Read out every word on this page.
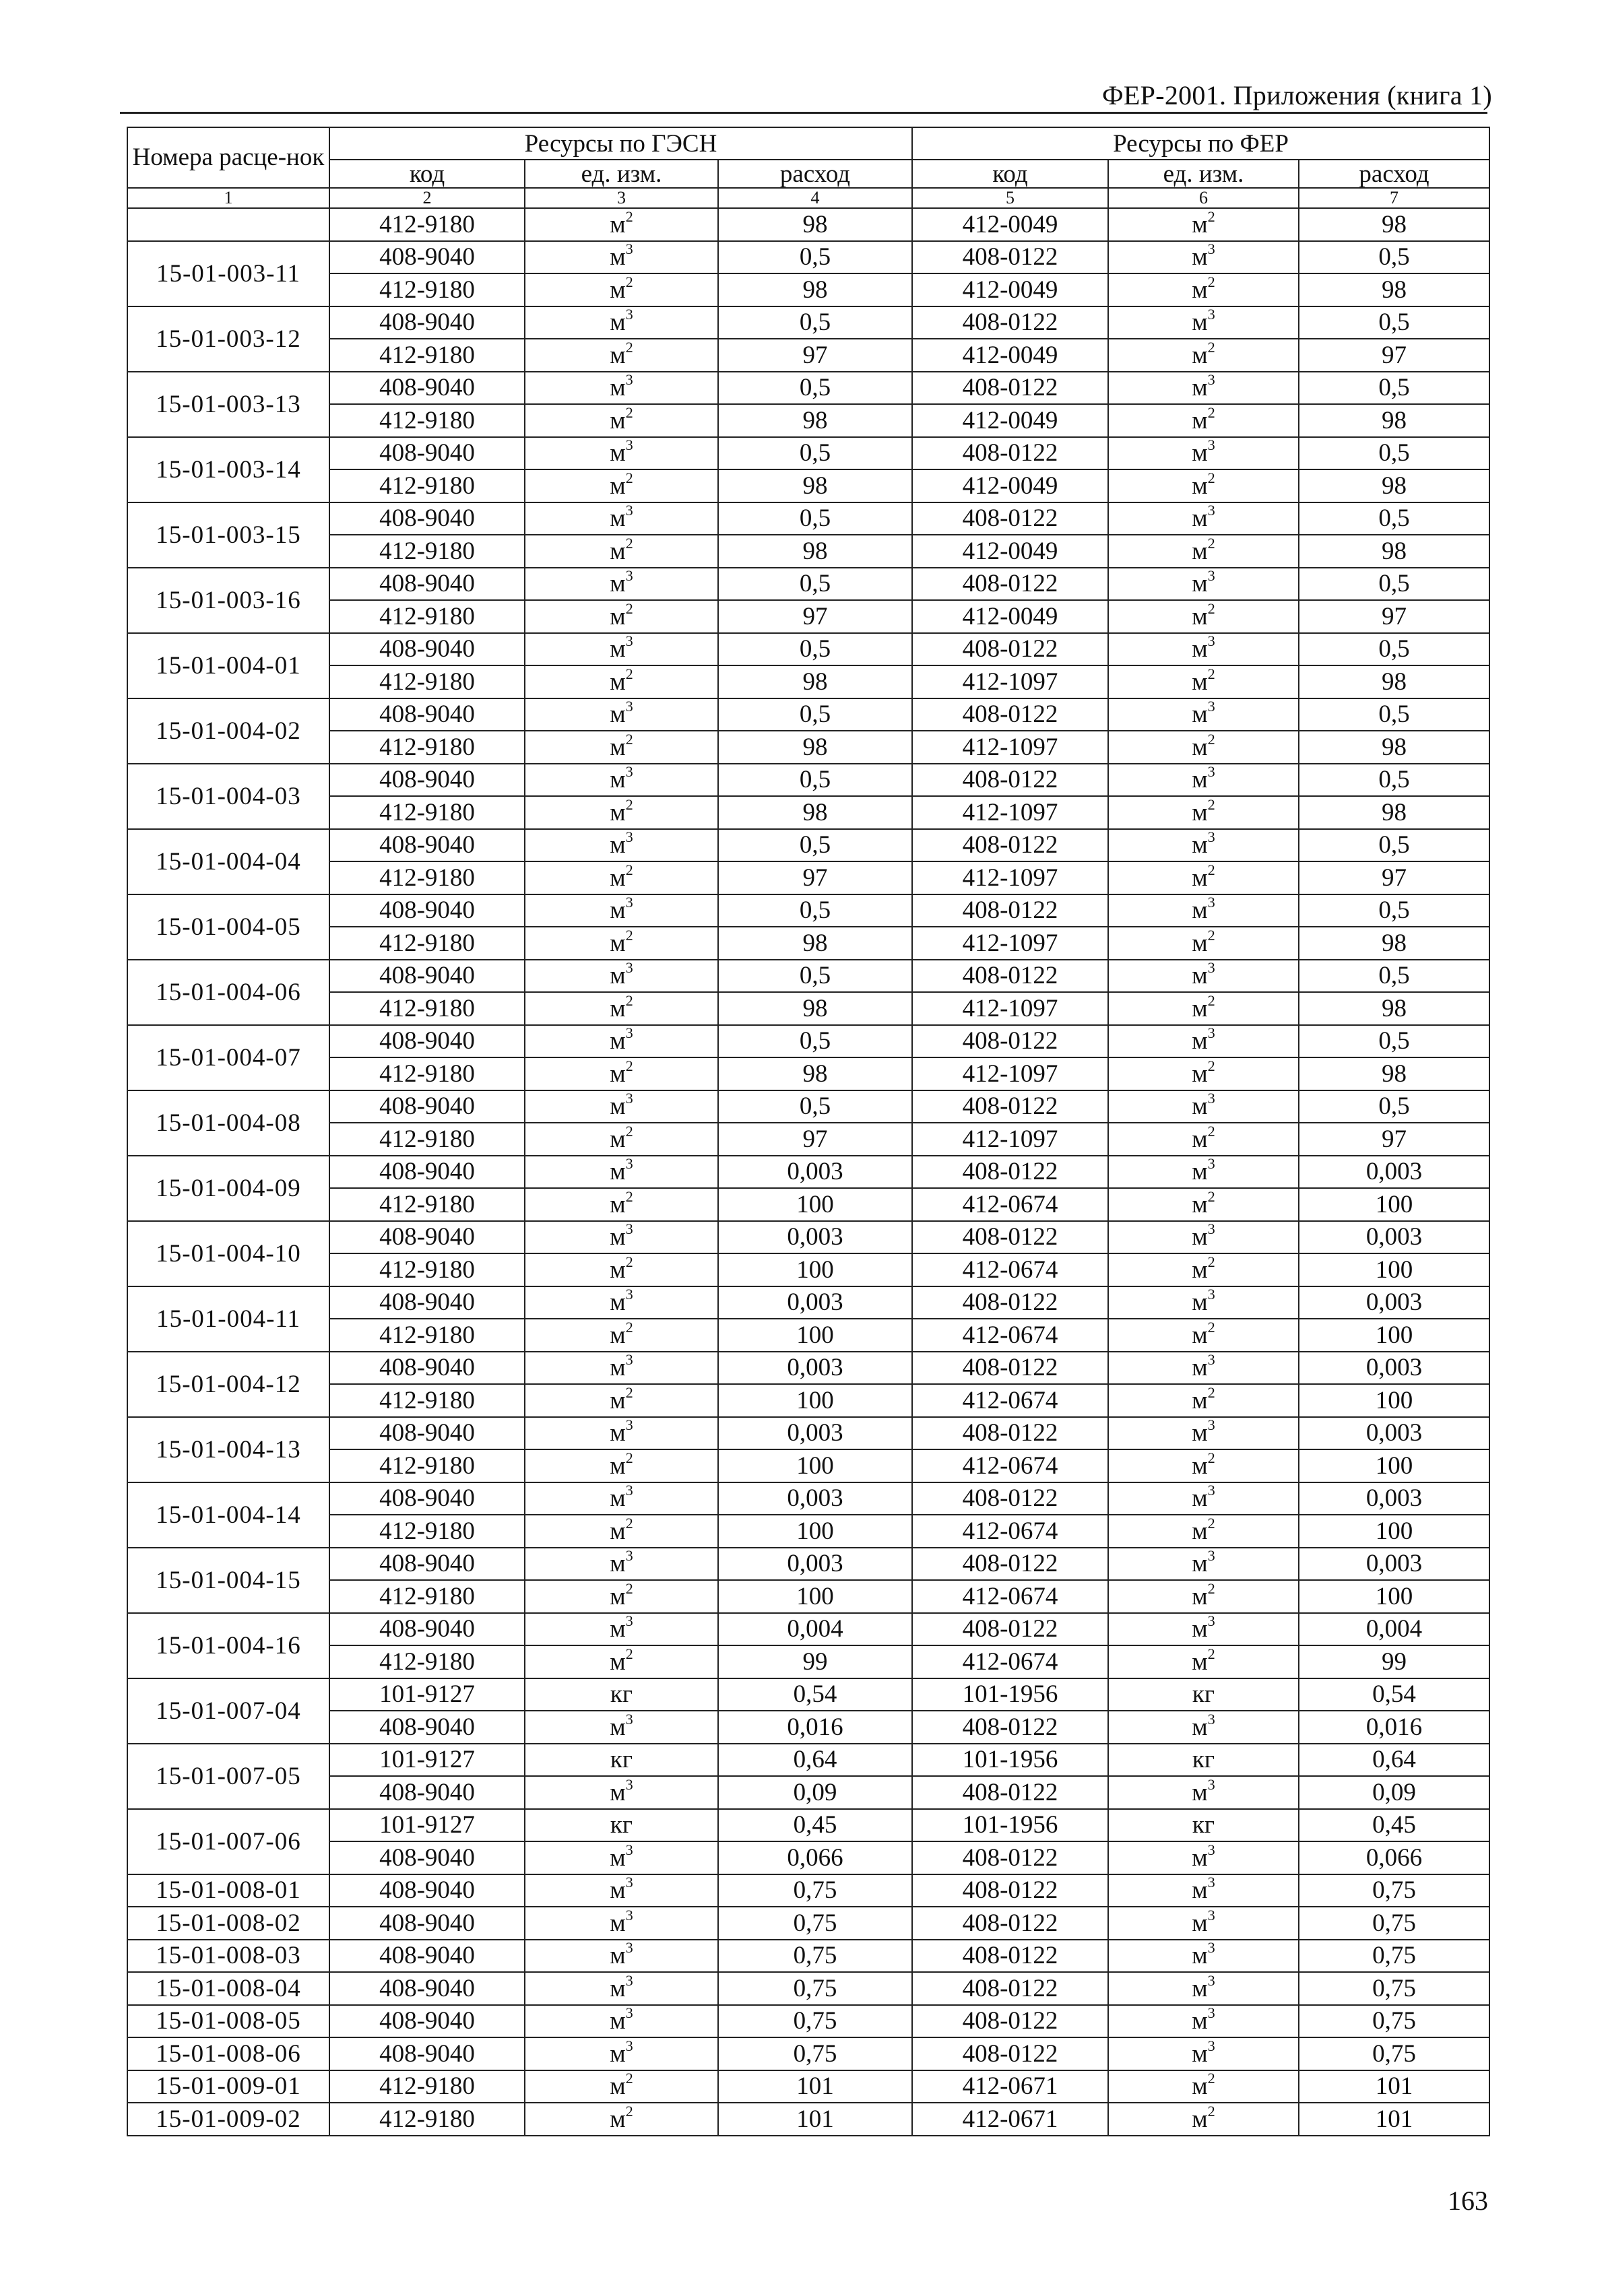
ФЕР-2001. Приложения (книга 1)
Номера расце-нок	Ресурсы по ГЭСН			Ресурсы по ФЕР		
	код	ед. изм.	расход	код	ед. изм.	расход
1	2	3	4	5	6	7
	412-9180	$м^2$	98	412-0049	$м^2$	98
15-01-003-11	408-9040	$м^3$	0,5	408-0122	$м^3$	0,5
	412-9180	$м^2$	98	412-0049	$м^2$	98
15-01-003-12	408-9040	$м^3$	0,5	408-0122	$м^3$	0,5
	412-9180	$м^2$	97	412-0049	$м^2$	97
15-01-003-13	408-9040	$м^3$	0,5	408-0122	$м^3$	0,5
	412-9180	$м^2$	98	412-0049	$м^2$	98
15-01-003-14	408-9040	$м^3$	0,5	408-0122	$м^3$	0,5
	412-9180	$м^2$	98	412-0049	$м^2$	98
15-01-003-15	408-9040	$м^3$	0,5	408-0122	$м^3$	0,5
	412-9180	$м^2$	98	412-0049	$м^2$	98
15-01-003-16	408-9040	$м^3$	0,5	408-0122	$м^3$	0,5
	412-9180	$м^2$	97	412-0049	$м^2$	97
15-01-004-01	408-9040	$м^3$	0,5	408-0122	$м^3$	0,5
	412-9180	$м^2$	98	412-1097	$м^2$	98
15-01-004-02	408-9040	$м^3$	0,5	408-0122	$м^3$	0,5
	412-9180	$м^2$	98	412-1097	$м^2$	98
15-01-004-03	408-9040	$м^3$	0,5	408-0122	$м^3$	0,5
	412-9180	$м^2$	98	412-1097	$м^2$	98
15-01-004-04	408-9040	$м^3$	0,5	408-0122	$м^3$	0,5
	412-9180	$м^2$	97	412-1097	$м^2$	97
15-01-004-05	408-9040	$м^3$	0,5	408-0122	$м^3$	0,5
	412-9180	$м^2$	98	412-1097	$м^2$	98
15-01-004-06	408-9040	$м^3$	0,5	408-0122	$м^3$	0,5
	412-9180	$м^2$	98	412-1097	$м^2$	98
15-01-004-07	408-9040	$м^3$	0,5	408-0122	$м^3$	0,5
	412-9180	$м^2$	98	412-1097	$м^2$	98
15-01-004-08	408-9040	$м^3$	0,5	408-0122	$м^3$	0,5
	412-9180	$м^2$	97	412-1097	$м^2$	97
15-01-004-09	408-9040	$м^3$	0,003	408-0122	$м^3$	0,003
	412-9180	$м^2$	100	412-0674	$м^2$	100
15-01-004-10	408-9040	$м^3$	0,003	408-0122	$м^3$	0,003
	412-9180	$м^2$	100	412-0674	$м^2$	100
15-01-004-11	408-9040	$м^3$	0,003	408-0122	$м^3$	0,003
	412-9180	$м^2$	100	412-0674	$м^2$	100
15-01-004-12	408-9040	$м^3$	0,003	408-0122	$м^3$	0,003
	412-9180	$м^2$	100	412-0674	$м^2$	100
15-01-004-13	408-9040	$м^3$	0,003	408-0122	$м^3$	0,003
	412-9180	$м^2$	100	412-0674	$м^2$	100
15-01-004-14	408-9040	$м^3$	0,003	408-0122	$м^3$	0,003
	412-9180	$м^2$	100	412-0674	$м^2$	100
15-01-004-15	408-9040	$м^3$	0,003	408-0122	$м^3$	0,003
	412-9180	$м^2$	100	412-0674	$м^2$	100
15-01-004-16	408-9040	$м^3$	0,004	408-0122	$м^3$	0,004
	412-9180	$м^2$	99	412-0674	$м^2$	99
15-01-007-04	101-9127	кг	0,54	101-1956	кг	0,54
	408-9040	$м^3$	0,016	408-0122	$м^3$	0,016
15-01-007-05	101-9127	кг	0,64	101-1956	кг	0,64
	408-9040	$м^3$	0,09	408-0122	$м^3$	0,09
15-01-007-06	101-9127	кг	0,45	101-1956	кг	0,45
	408-9040	$м^3$	0,066	408-0122	$м^3$	0,066
15-01-008-01	408-9040	$м^3$	0,75	408-0122	$м^3$	0,75
15-01-008-02	408-9040	$м^3$	0,75	408-0122	$м^3$	0,75
15-01-008-03	408-9040	$м^3$	0,75	408-0122	$м^3$	0,75
15-01-008-04	408-9040	$м^3$	0,75	408-0122	$м^3$	0,75
15-01-008-05	408-9040	$м^3$	0,75	408-0122	$м^3$	0,75
15-01-008-06	408-9040	$м^3$	0,75	408-0122	$м^3$	0,75
15-01-009-01	412-9180	$м^2$	101	412-0671	$м^2$	101
15-01-009-02	412-9180	$м^2$	101	412-0671	$м^2$	101
163
